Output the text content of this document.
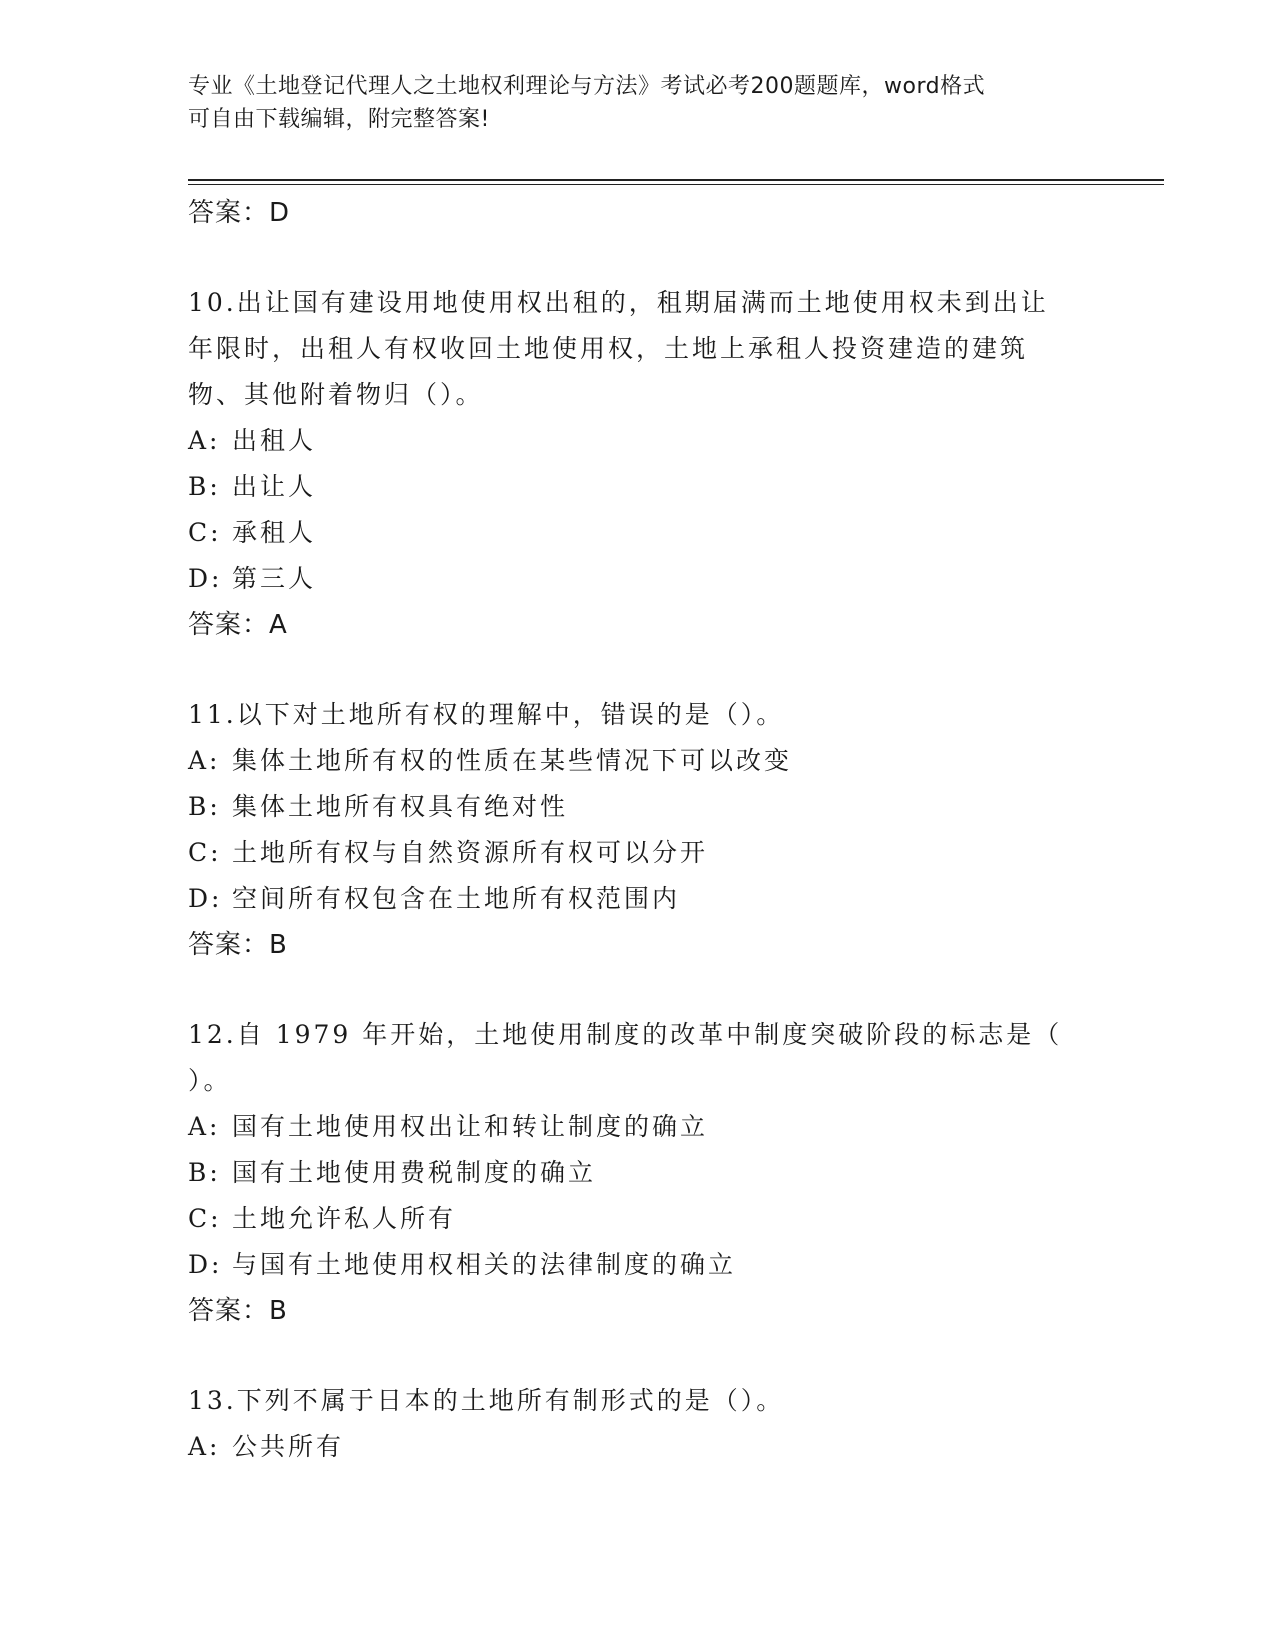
专业《土地登记代理人之土地权利理论与方法》考试必考200题题库，word格式
可自由下载编辑，附完整答案!
答案：D
10.出让国有建设用地使用权出租的，租期届满而土地使用权未到出让
年限时，出租人有权收回土地使用权，土地上承租人投资建造的建筑
物、其他附着物归（）。
A: 出租人
B: 出让人
C: 承租人
D: 第三人
答案：A
11.以下对土地所有权的理解中，错误的是（）。
A: 集体土地所有权的性质在某些情况下可以改变
B: 集体土地所有权具有绝对性
C: 土地所有权与自然资源所有权可以分开
D: 空间所有权包含在土地所有权范围内
答案：B
12.自 1979 年开始，土地使用制度的改革中制度突破阶段的标志是（
）。
A: 国有土地使用权出让和转让制度的确立
B: 国有土地使用费税制度的确立
C: 土地允许私人所有
D: 与国有土地使用权相关的法律制度的确立
答案：B
13.下列不属于日本的土地所有制形式的是（）。
A: 公共所有
